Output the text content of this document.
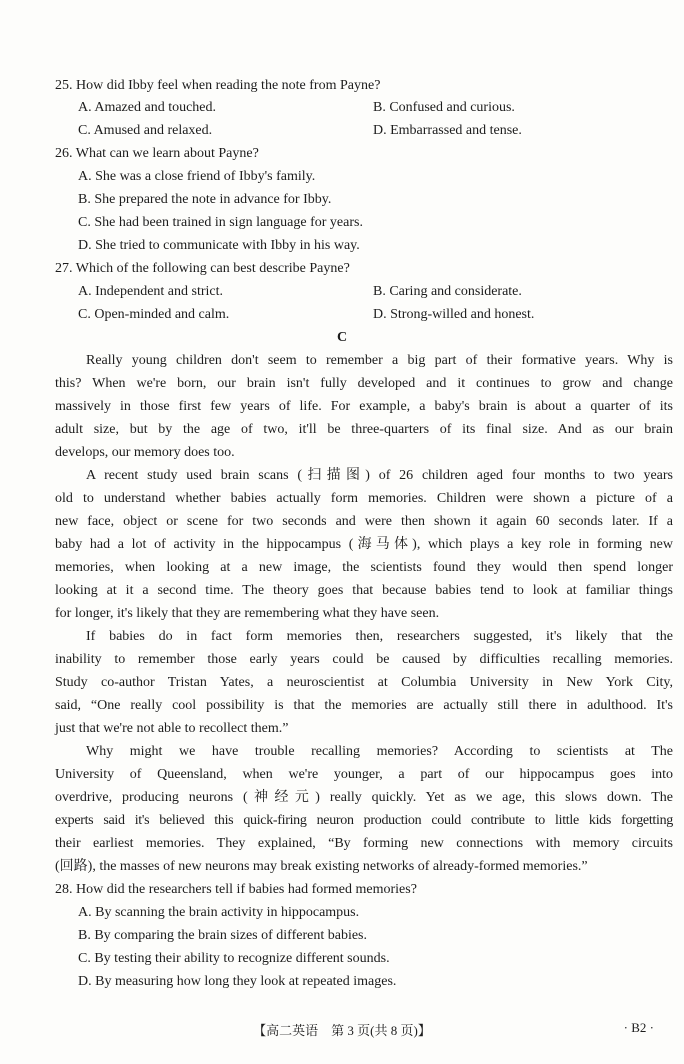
25. How did Ibby feel when reading the note from Payne?
A. Amazed and touched.	B. Confused and curious.
C. Amused and relaxed.	D. Embarrassed and tense.
26. What can we learn about Payne?
A. She was a close friend of Ibby's family.
B. She prepared the note in advance for Ibby.
C. She had been trained in sign language for years.
D. She tried to communicate with Ibby in his way.
27. Which of the following can best describe Payne?
A. Independent and strict.	B. Caring and considerate.
C. Open-minded and calm.	D. Strong-willed and honest.
C
Really young children don't seem to remember a big part of their formative years. Why is
this? When we're born, our brain isn't fully developed and it continues to grow and change
massively in those first few years of life. For example, a baby's brain is about a quarter of its
adult size, but by the age of two, it'll be three-quarters of its final size. And as our brain
develops, our memory does too.
A recent study used brain scans (扫描图) of 26 children aged four months to two years
old to understand whether babies actually form memories. Children were shown a picture of a
new face, object or scene for two seconds and were then shown it again 60 seconds later. If a
baby had a lot of activity in the hippocampus (海马体), which plays a key role in forming new
memories, when looking at a new image, the scientists found they would then spend longer
looking at it a second time. The theory goes that because babies tend to look at familiar things
for longer, it's likely that they are remembering what they have seen.
If babies do in fact form memories then, researchers suggested, it's likely that the
inability to remember those early years could be caused by difficulties recalling memories.
Study co-author Tristan Yates, a neuroscientist at Columbia University in New York City,
said, “One really cool possibility is that the memories are actually still there in adulthood. It's
just that we're not able to recollect them.”
Why might we have trouble recalling memories? According to scientists at The
University of Queensland, when we're younger, a part of our hippocampus goes into
overdrive, producing neurons (神经元) really quickly. Yet as we age, this slows down. The
experts said it's believed this quick-firing neuron production could contribute to little kids forgetting
their earliest memories. They explained, “By forming new connections with memory circuits
(回路), the masses of new neurons may break existing networks of already-formed memories.”
28. How did the researchers tell if babies had formed memories?
A. By scanning the brain activity in hippocampus.
B. By comparing the brain sizes of different babies.
C. By testing their ability to recognize different sounds.
D. By measuring how long they look at repeated images.
【高二英语　第 3 页(共 8 页)】	· B2 ·
